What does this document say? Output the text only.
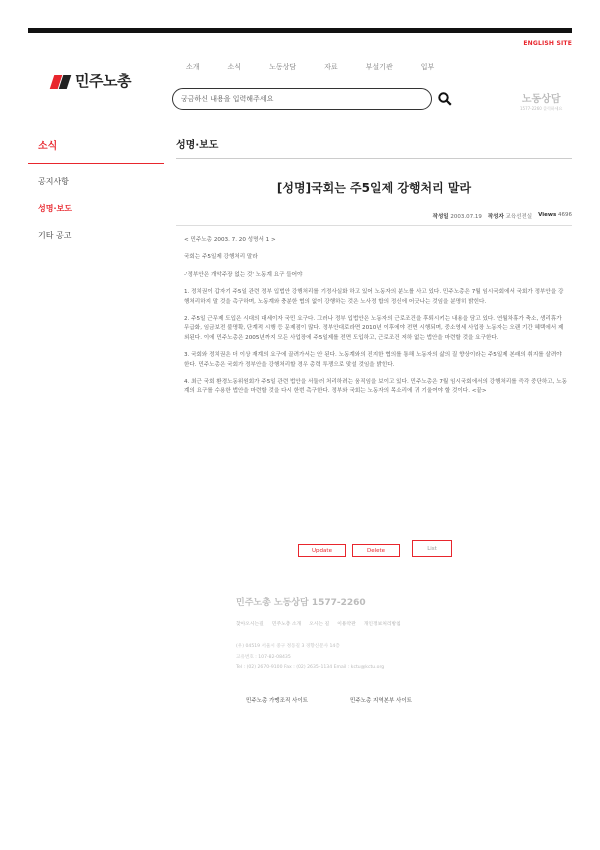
ENGLISH SITE
민주노총
소개	소식	노동상담	자료	부설기관	입부
궁금하신 내용을 입력해주세요	노동상담
1577-2260 클릭하세요
소식
공지사항
성명·보도
기타 공고
성명·보도
[성명]국회는 주5일제 강행처리 말라
작성일 2003.07.19 작성자 교육선전실 Views 4696

< 민주노총 2003. 7. 20 성명서 1 >

국회는 주5일제 강행처리 말라

-'정부안은 개악주장 없는 것' 노동계 요구 들어야

1. 정치권이 갑자기 주5일 관련 정부 입법안 강행처리를 기정사실화 하고 있어 노동자의 분노를 사고 있다. 민주노총은 7월 임시국회에서 국회가 정부안을 강행처리하지 말 것을 촉구하며, 노동계와 충분한 협의 없이 강행하는 것은 노사정 합의 정신에 어긋나는 것임을 분명히 밝힌다.

2. 주5일 근무제 도입은 시대의 대세이자 국민 요구다. 그러나 정부 입법안은 노동자의 근로조건을 후퇴시키는 내용을 담고 있다. 연월차휴가 축소, 생리휴가 무급화, 임금보전 불명확, 단계적 시행 등 문제점이 많다. 정부안대로라면 2010년 이후에야 전면 시행되며, 중소영세 사업장 노동자는 오랜 기간 혜택에서 제외된다. 이에 민주노총은 2005년까지 모든 사업장에 주5일제를 전면 도입하고, 근로조건 저하 없는 법안을 마련할 것을 요구한다.

3. 국회와 정치권은 더 이상 재계의 요구에 끌려가서는 안 된다. 노동계와의 진지한 협의를 통해 노동자의 삶의 질 향상이라는 주5일제 본래의 취지를 살려야 한다. 민주노총은 국회가 정부안을 강행처리할 경우 총력 투쟁으로 맞설 것임을 밝힌다.

4. 최근 국회 환경노동위원회가 주5일 관련 법안을 서둘러 처리하려는 움직임을 보이고 있다. 민주노총은 7월 임시국회에서의 강행처리를 즉각 중단하고, 노동계의 요구를 수용한 법안을 마련할 것을 다시 한번 촉구한다. 정부와 국회는 노동자의 목소리에 귀 기울여야 할 것이다. <끝>

Update	Delete	List
민주노총 노동상담 1577-2260
찾아오시는길 민주노총 소개 오시는 길 이용약관 개인정보처리방침
(우) 04519 서울시 중구 정동길 3 경향신문사 14층
고유번호 : 107-82-08435
Tel : (02) 2670-9100 Fax : (02) 2635-1134 Email : kctu@kctu.org
민주노총 가맹조직 사이트	민주노총 지역본부 사이트
